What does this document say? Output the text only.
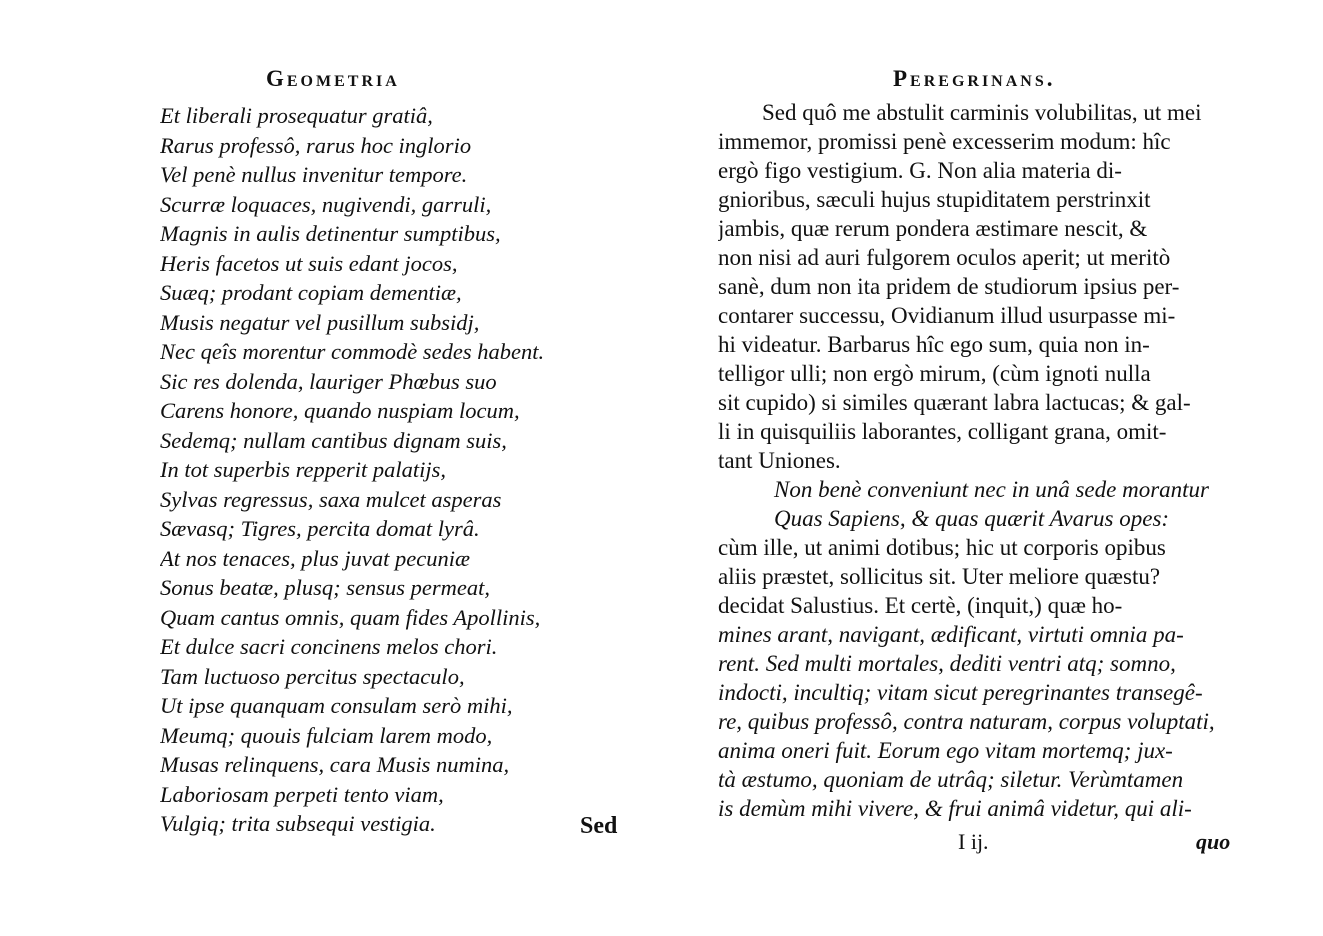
Geometria
Et liberali prosequatur gratiâ,
Rarus professô, rarus hoc inglorio
Vel penè nullus invenitur tempore.
Scurræ loquaces, nugivendi, garruli,
Magnis in aulis detinentur sumptibus,
Heris facetos ut suis edant jocos,
Suæq; prodant copiam dementiæ,
Musis negatur vel pusillum subsidj,
Nec qeîs morentur commodè sedes habent.
Sic res dolenda, lauriger Phœbus suo
Carens honore, quando nuspiam locum,
Sedemq; nullam cantibus dignam suis,
In tot superbis repperit palatijs,
Sylvas regressus, saxa mulcet asperas
Sævasq; Tigres, percita domat lyrâ.
At nos tenaces, plus juvat pecuniæ
Sonus beatæ, plusq; sensus permeat,
Quam cantus omnis, quam fides Apollinis,
Et dulce sacri concinens melos chori.
Tam luctuoso percitus spectaculo,
Ut ipse quanquam consulam serò mihi,
Meumq; quouis fulciam larem modo,
Musas relinquens, cara Musis numina,
Laboriosam perpeti tento viam,
Vulgiq; trita subsequi vestigia.	Sed
Peregrinans.
Sed quô me abstulit carminis volubilitas, ut mei
immemor, promissi penè excesserim modum: hîc
ergò figo vestigium. G. Non alia materia di-
gnioribus, sæculi hujus stupiditatem perstrinxit
jambis, quæ rerum pondera æstimare nescit, &
non nisi ad auri fulgorem oculos aperit; ut meritò
sanè, dum non ita pridem de studiorum ipsius per-
contarer successu, Ovidianum illud usurpasse mi-
hi videatur. Barbarus hîc ego sum, quia non in-
telligor ulli; non ergò mirum, (cùm ignoti nulla
sit cupido) si similes quærant labra lactucas; & gal-
li in quisquiliis laborantes, colligant grana, omit-
tant Uniones.
Non benè conveniunt nec in unâ sede morantur
Quas Sapiens, & quas quærit Avarus opes:
cùm ille, ut animi dotibus; hic ut corporis opibus
aliis præstet, sollicitus sit. Uter meliore quæstu?
decidat Salustius. Et certè, (inquit,) quæ ho-
mines arant, navigant, ædificant, virtuti omnia pa-
rent. Sed multi mortales, dediti ventri atq; somno,
indocti, incultiq; vitam sicut peregrinantes transegê-
re, quibus professô, contra naturam, corpus voluptati,
anima oneri fuit. Eorum ego vitam mortemq; jux-
tà æstumo, quoniam de utrâq; siletur. Verùmtamen
is demùm mihi vivere, & frui animâ videtur, qui ali-
I ij.	quo
